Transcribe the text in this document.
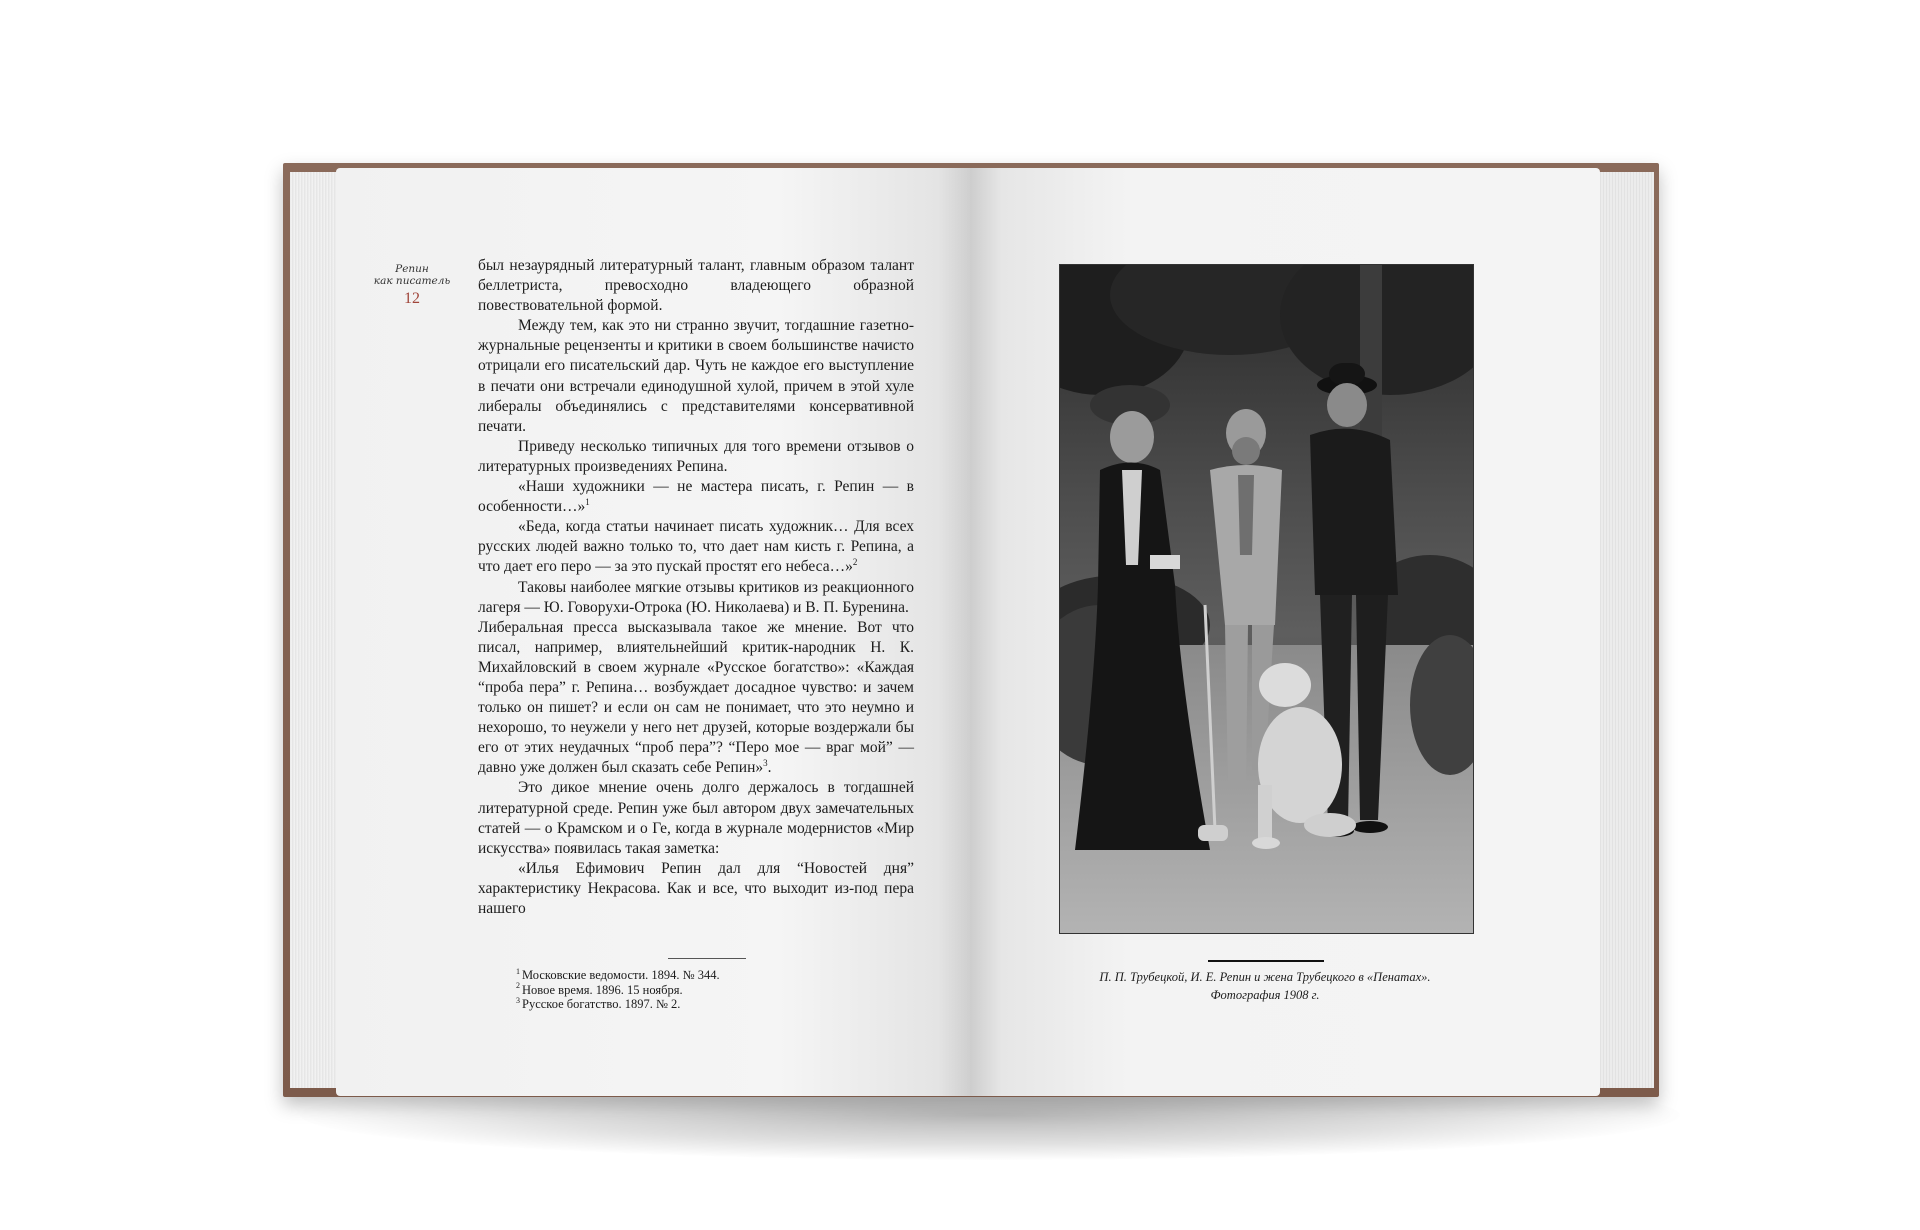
Репин
как писатель
12

был незаурядный литературный талант, главным образом талант беллетриста, превосходно владеющего образной повествовательной формой.

Между тем, как это ни странно звучит, тогдашние газетно-журнальные рецензенты и критики в своем большинстве начисто отрицали его писательский дар. Чуть не каждое его выступление в печати они встречали единодушной хулой, причем в этой хуле либералы объединялись с представителями консервативной печати.

Приведу несколько типичных для того времени отзывов о литературных произведениях Репина.

«Наши художники — не мастера писать, г. Репин — в особенности…»$^1$

«Беда, когда статьи начинает писать художник… Для всех русских людей важно только то, что дает нам кисть г. Репина, а что дает его перо — за это пускай простят его небеса…»$^2$

Таковы наиболее мягкие отзывы критиков из реакционного лагеря — Ю. Говорухи-Отрока (Ю. Николаева) и В. П. Буренина.

Либеральная пресса высказывала такое же мнение. Вот что писал, например, влиятельнейший критик-народник Н. К. Михайловский в своем журнале «Русское богатство»: «Каждая “проба пера” г. Репина… возбуждает досадное чувство: и зачем только он пишет? и если он сам не понимает, что это неумно и нехорошо, то неужели у него нет друзей, которые воздержали бы его от этих неудачных “проб пера”? “Перо мое — враг мой” — давно уже должен был сказать себе Репин»$^3$.

Это дикое мнение очень долго держалось в тогдашней литературной среде. Репин уже был автором двух замечательных статей — о Крамском и о Ге, когда в журнале модернистов «Мир искусства» появилась такая заметка:

«Илья Ефимович Репин дал для “Новостей дня” характеристику Некрасова. Как и все, что выходит из-под пера нашего

$^1$ Московские ведомости. 1894. № 344.
$^2$ Новое время. 1896. 15 ноября.
$^3$ Русское богатство. 1897. № 2.
П. П. Трубецкой, И. Е. Репин и жена Трубецкого в «Пенатах».
Фотография 1908 г.
